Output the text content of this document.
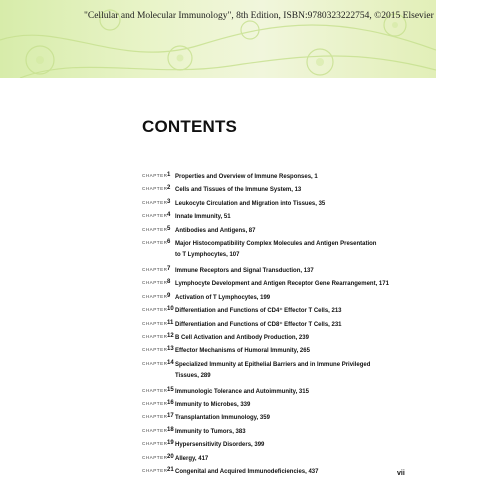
"Cellular and Molecular Immunology", 8th Edition, ISBN:9780323222754, ©2015 Elsevier
CONTENTS
CHAPTER 1 Properties and Overview of Immune Responses, 1
CHAPTER 2 Cells and Tissues of the Immune System, 13
CHAPTER 3 Leukocyte Circulation and Migration into Tissues, 35
CHAPTER 4 Innate Immunity, 51
CHAPTER 5 Antibodies and Antigens, 87
CHAPTER 6 Major Histocompatibility Complex Molecules and Antigen Presentation
to T Lymphocytes, 107
CHAPTER 7 Immune Receptors and Signal Transduction, 137
CHAPTER 8 Lymphocyte Development and Antigen Receptor Gene Rearrangement, 171
CHAPTER 9 Activation of T Lymphocytes, 199
CHAPTER 10 Differentiation and Functions of CD4⁺ Effector T Cells, 213
CHAPTER 11 Differentiation and Functions of CD8⁺ Effector T Cells, 231
CHAPTER 12 B Cell Activation and Antibody Production, 239
CHAPTER 13 Effector Mechanisms of Humoral Immunity, 265
CHAPTER 14 Specialized Immunity at Epithelial Barriers and in Immune Privileged
Tissues, 289
CHAPTER 15 Immunologic Tolerance and Autoimmunity, 315
CHAPTER 16 Immunity to Microbes, 339
CHAPTER 17 Transplantation Immunology, 359
CHAPTER 18 Immunity to Tumors, 383
CHAPTER 19 Hypersensitivity Disorders, 399
CHAPTER 20 Allergy, 417
CHAPTER 21 Congenital and Acquired Immunodeficiencies, 437	vii
